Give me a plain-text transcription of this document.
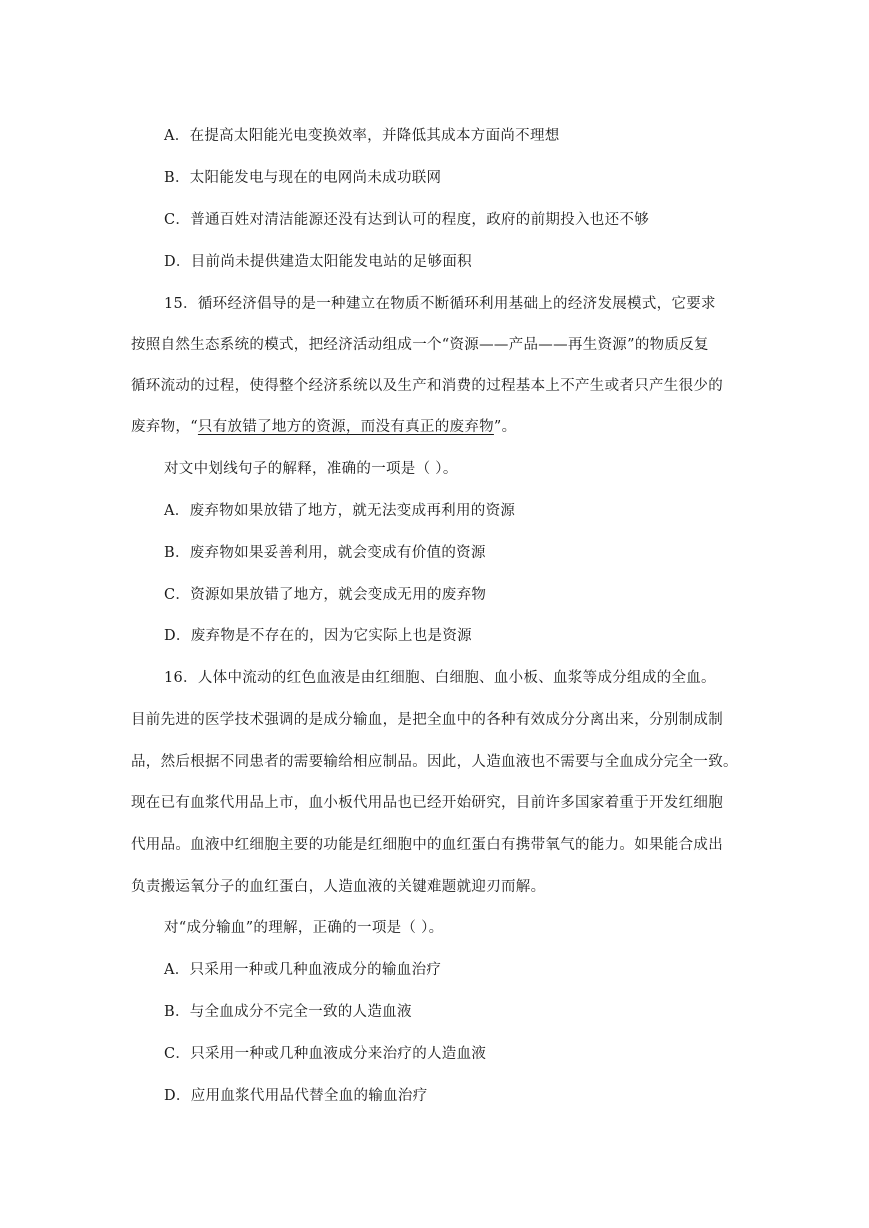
A．在提高太阳能光电变换效率，并降低其成本方面尚不理想
B．太阳能发电与现在的电网尚未成功联网
C．普通百姓对清洁能源还没有达到认可的程度，政府的前期投入也还不够
D．目前尚未提供建造太阳能发电站的足够面积
15．循环经济倡导的是一种建立在物质不断循环利用基础上的经济发展模式，它要求
按照自然生态系统的模式，把经济活动组成一个“资源——产品——再生资源”的物质反复
循环流动的过程，使得整个经济系统以及生产和消费的过程基本上不产生或者只产生很少的
废弃物，“只有放错了地方的资源，而没有真正的废弃物”。
对文中划线句子的解释，准确的一项是（ ）。
A．废弃物如果放错了地方，就无法变成再利用的资源
B．废弃物如果妥善利用，就会变成有价值的资源
C．资源如果放错了地方，就会变成无用的废弃物
D．废弃物是不存在的，因为它实际上也是资源
16．人体中流动的红色血液是由红细胞、白细胞、血小板、血浆等成分组成的全血。
目前先进的医学技术强调的是成分输血，是把全血中的各种有效成分分离出来，分别制成制
品，然后根据不同患者的需要输给相应制品。因此，人造血液也不需要与全血成分完全一致。
现在已有血浆代用品上市，血小板代用品也已经开始研究，目前许多国家着重于开发红细胞
代用品。血液中红细胞主要的功能是红细胞中的血红蛋白有携带氧气的能力。如果能合成出
负责搬运氧分子的血红蛋白，人造血液的关键难题就迎刃而解。
对“成分输血”的理解，正确的一项是（ ）。
A．只采用一种或几种血液成分的输血治疗
B．与全血成分不完全一致的人造血液
C．只采用一种或几种血液成分来治疗的人造血液
D．应用血浆代用品代替全血的输血治疗
